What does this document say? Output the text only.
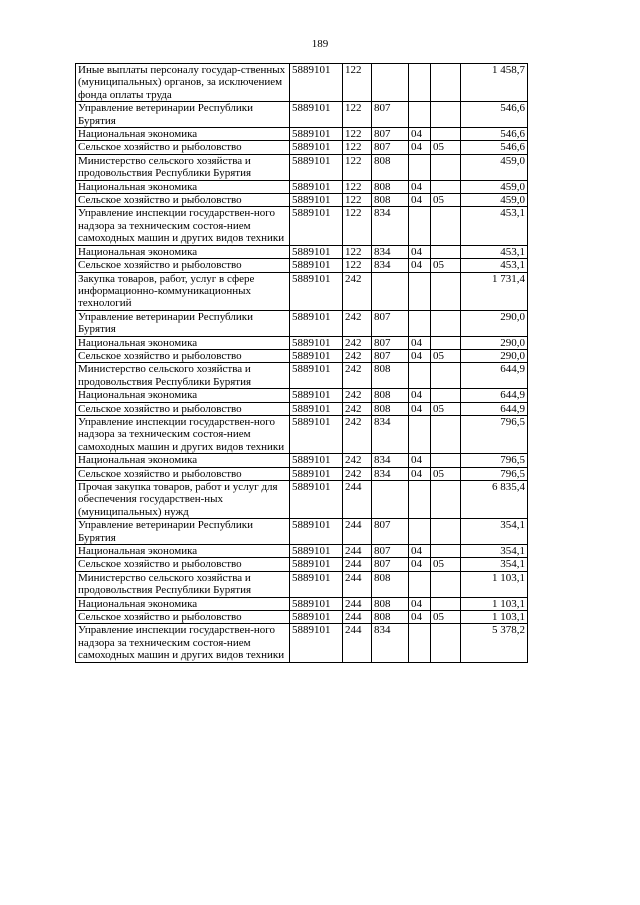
189
Иные выплаты персоналу государ-ственных (муниципальных) органов, за исключением фонда оплаты труда	5889101	122				1 458,7
Управление ветеринарии Республики Бурятия	5889101	122	807			546,6
Национальная экономика	5889101	122	807	04		546,6
Сельское хозяйство и рыболовство	5889101	122	807	04	05	546,6
Министерство сельского хозяйства и продовольствия Республики Бурятия	5889101	122	808			459,0
Национальная экономика	5889101	122	808	04		459,0
Сельское хозяйство и рыболовство	5889101	122	808	04	05	459,0
Управление инспекции государствен-ного надзора за техническим состоя-нием самоходных машин и других видов техники	5889101	122	834			453,1
Национальная экономика	5889101	122	834	04		453,1
Сельское хозяйство и рыболовство	5889101	122	834	04	05	453,1
Закупка товаров, работ, услуг в сфере информационно-коммуникационных технологий	5889101	242				1 731,4
Управление ветеринарии Республики Бурятия	5889101	242	807			290,0
Национальная экономика	5889101	242	807	04		290,0
Сельское хозяйство и рыболовство	5889101	242	807	04	05	290,0
Министерство сельского хозяйства и продовольствия Республики Бурятия	5889101	242	808			644,9
Национальная экономика	5889101	242	808	04		644,9
Сельское хозяйство и рыболовство	5889101	242	808	04	05	644,9
Управление инспекции государствен-ного надзора за техническим состоя-нием самоходных машин и других видов техники	5889101	242	834			796,5
Национальная экономика	5889101	242	834	04		796,5
Сельское хозяйство и рыболовство	5889101	242	834	04	05	796,5
Прочая закупка товаров, работ и услуг для обеспечения государствен-ных (муниципальных) нужд	5889101	244				6 835,4
Управление ветеринарии Республики Бурятия	5889101	244	807			354,1
Национальная экономика	5889101	244	807	04		354,1
Сельское хозяйство и рыболовство	5889101	244	807	04	05	354,1
Министерство сельского хозяйства и продовольствия Республики Бурятия	5889101	244	808			1 103,1
Национальная экономика	5889101	244	808	04		1 103,1
Сельское хозяйство и рыболовство	5889101	244	808	04	05	1 103,1
Управление инспекции государствен-ного надзора за техническим состоя-нием самоходных машин и других видов техники	5889101	244	834			5 378,2
